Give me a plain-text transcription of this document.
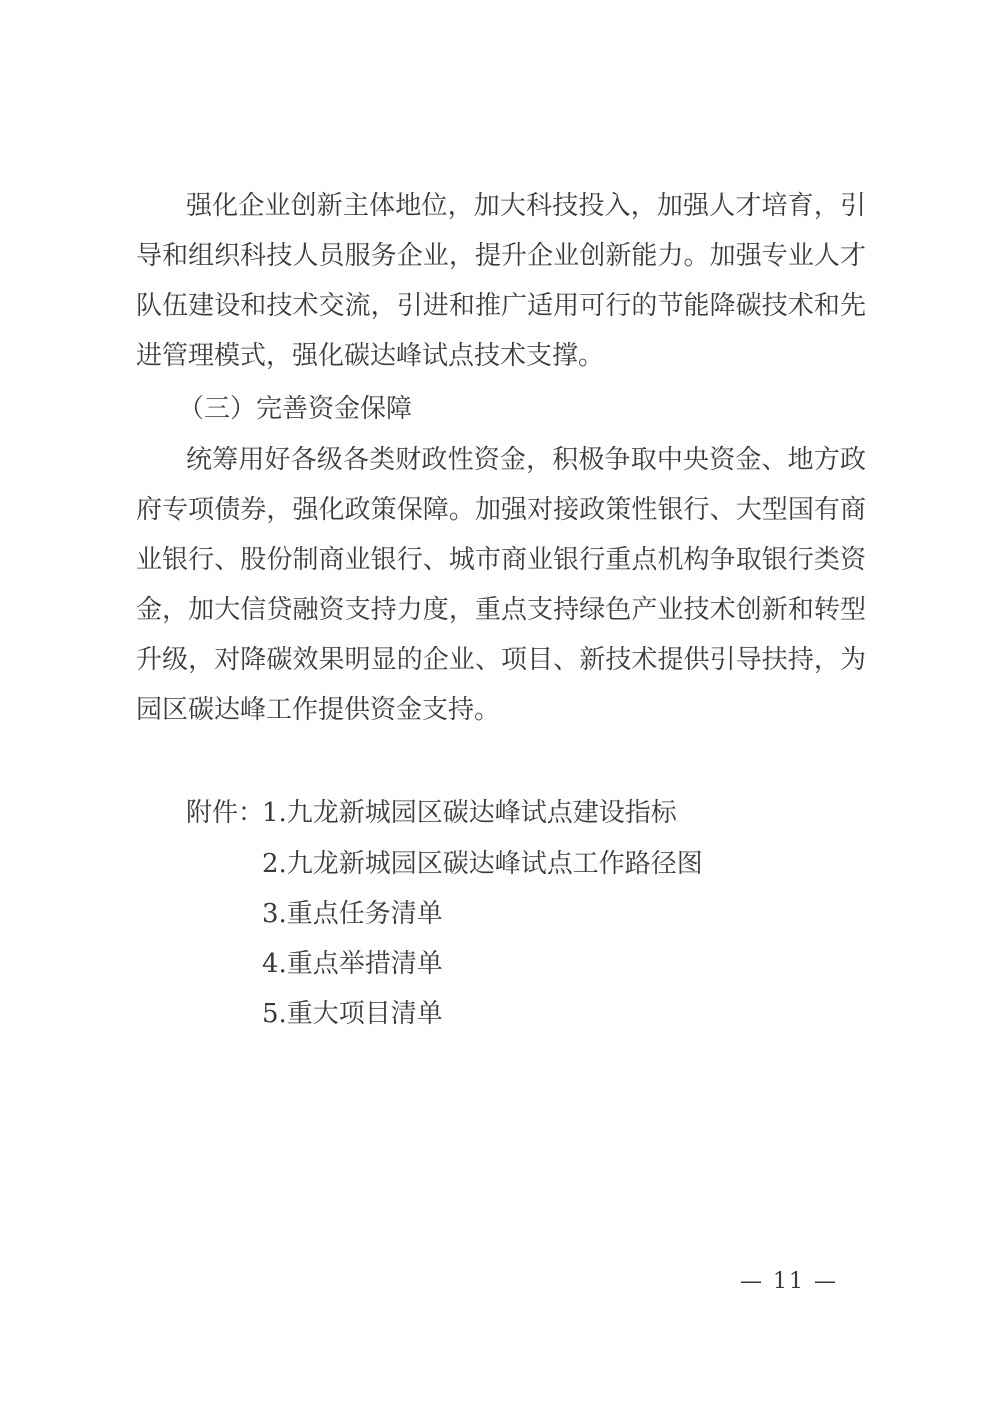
强化企业创新主体地位，加大科技投入，加强人才培育，引
导和组织科技人员服务企业，提升企业创新能力。加强专业人才
队伍建设和技术交流，引进和推广适用可行的节能降碳技术和先
进管理模式，强化碳达峰试点技术支撑。
（三）完善资金保障
统筹用好各级各类财政性资金，积极争取中央资金、地方政
府专项债券，强化政策保障。加强对接政策性银行、大型国有商
业银行、股份制商业银行、城市商业银行重点机构争取银行类资
金，加大信贷融资支持力度，重点支持绿色产业技术创新和转型
升级，对降碳效果明显的企业、项目、新技术提供引导扶持，为
园区碳达峰工作提供资金支持。
附件：
1.九龙新城园区碳达峰试点建设指标
2.九龙新城园区碳达峰试点工作路径图
3.重点任务清单
4.重点举措清单
5.重大项目清单
— 11 —
